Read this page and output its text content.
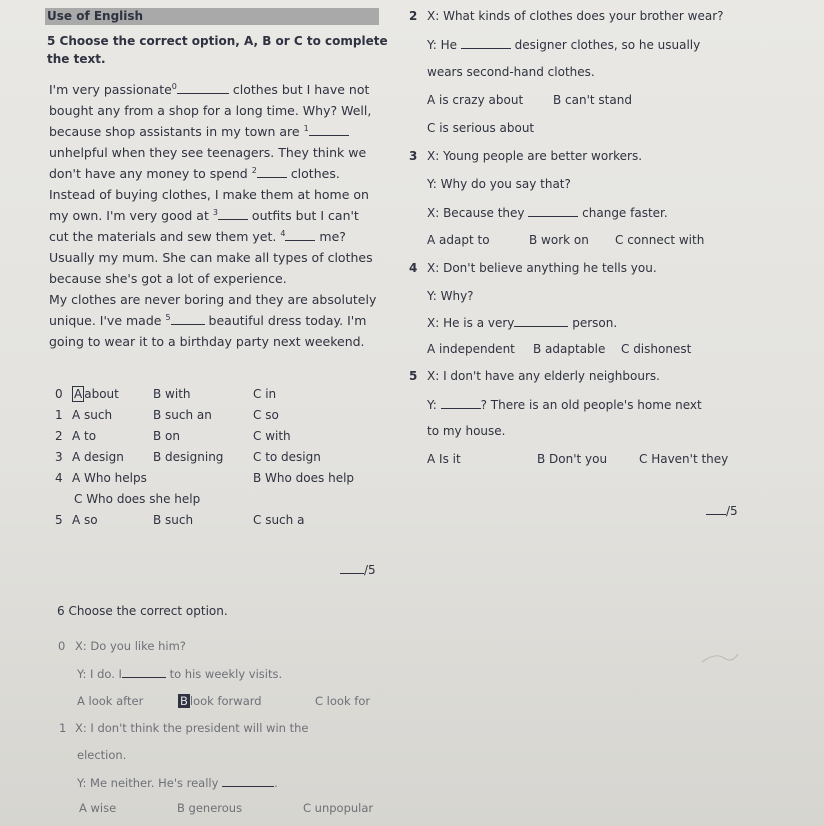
Use of English
5 Choose the correct option, A, B or C to complete
the text.
I'm very passionate$^0$	clothes but I have not
bought any from a shop for a long time. Why? Well,
because shop assistants in my town are $^1$
unhelpful when they see teenagers. They think we
don't have any money to spend $^2$	clothes.
Instead of buying clothes, I make them at home on
my own. I'm very good at $^3$	outfits but I can't
cut the materials and sew them yet. $^4$	me?
Usually my mum. She can make all types of clothes
because she's got a lot of experience.
My clothes are never boring and they are absolutely
unique. I've made $^5$	beautiful dress today. I'm
going to wear it to a birthday party next weekend.
0 A about	B with	C in
1 A such	B such an	C so
2 A to	B on	C with
3 A design B designing C to design
4 A Who helps	B Who does help
C Who does she help
5 A so	B such	C such a
/5
6 Choose the correct option.
0 X: Do you like him?
Y: I do. I	to his weekly visits.
A look after	B look forward	C look for
1 X: I don't think the president will win the
election.
Y: Me neither. He's really	.
A wise	B generous	C unpopular
2 X: What kinds of clothes does your brother wear?
Y: He	designer clothes, so he usually
wears second-hand clothes.
A is crazy about B can't stand
C is serious about
3 X: Young people are better workers.
Y: Why do you say that?
X: Because they	change faster.
A adapt to	B work on C connect with
4 X: Don't believe anything he tells you.
Y: Why?
X: He is a very	person.
A independent B adaptable C dishonest
5 X: I don't have any elderly neighbours.
Y:	? There is an old people's home next
to my house.
A Is it	B Don't you	C Haven't they
/5
